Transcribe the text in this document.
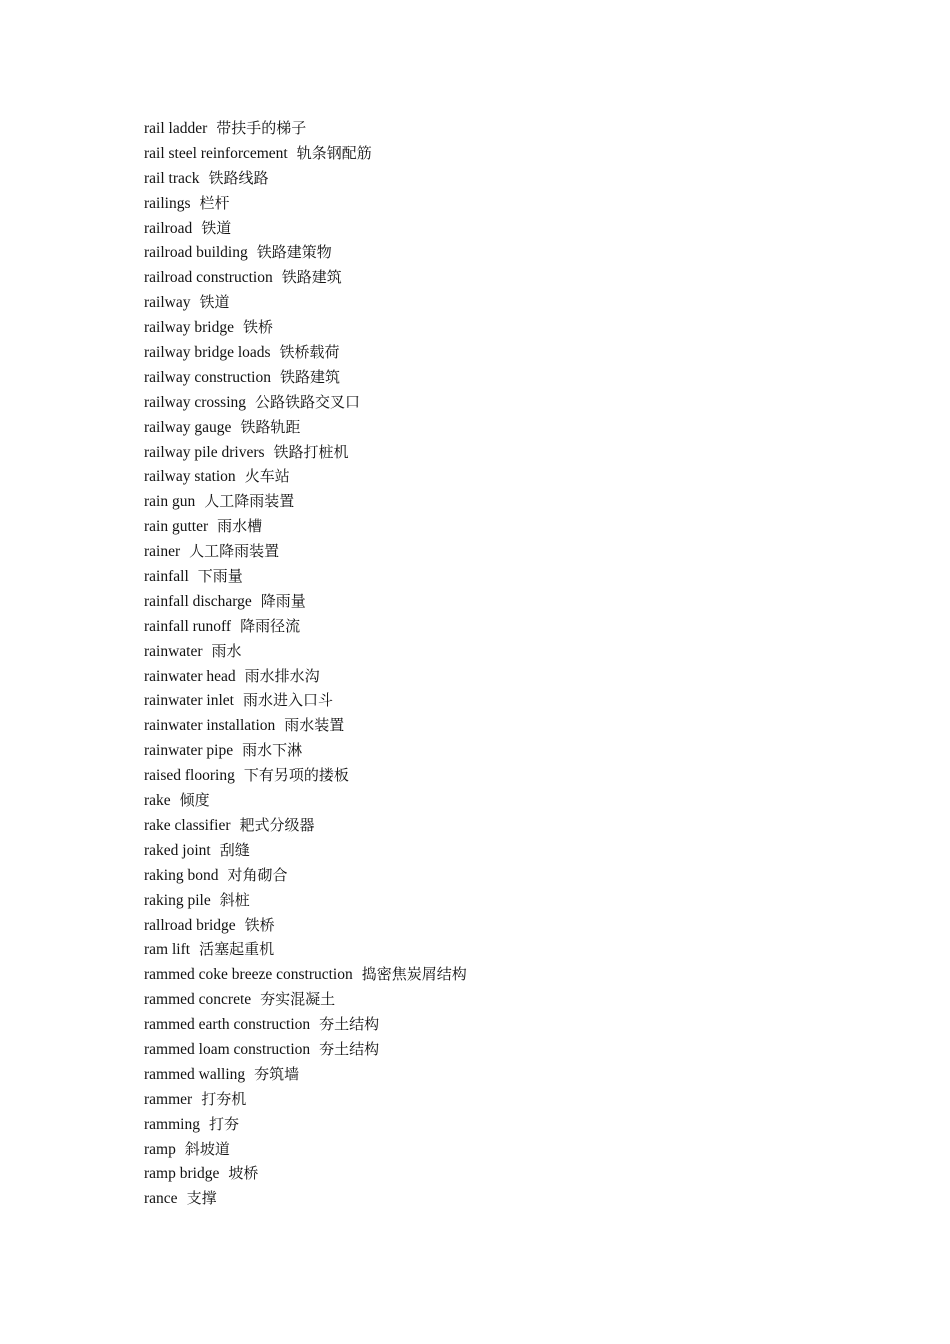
rail ladder 带扶手的梯子
rail steel reinforcement 轨条钢配筋
rail track 铁路线路
railings 栏杆
railroad 铁道
railroad building 铁路建策物
railroad construction 铁路建筑
railway 铁道
railway bridge 铁桥
railway bridge loads 铁桥载荷
railway construction 铁路建筑
railway crossing 公路铁路交叉口
railway gauge 铁路轨距
railway pile drivers 铁路打桩机
railway station 火车站
rain gun 人工降雨装置
rain gutter 雨水槽
rainer 人工降雨装置
rainfall 下雨量
rainfall discharge 降雨量
rainfall runoff 降雨径流
rainwater 雨水
rainwater head 雨水排水沟
rainwater inlet 雨水进入口斗
rainwater installation 雨水装置
rainwater pipe 雨水下淋
raised flooring 下有另项的搂板
rake 倾度
rake classifier 耙式分级器
raked joint 刮缝
raking bond 对角砌合
raking pile 斜桩
rallroad bridge 铁桥
ram lift 活塞起重机
rammed coke breeze construction 捣密焦炭屑结构
rammed concrete 夯实混凝土
rammed earth construction 夯土结构
rammed loam construction 夯土结构
rammed walling 夯筑墙
rammer 打夯机
ramming 打夯
ramp 斜坡道
ramp bridge 坡桥
rance 支撑
